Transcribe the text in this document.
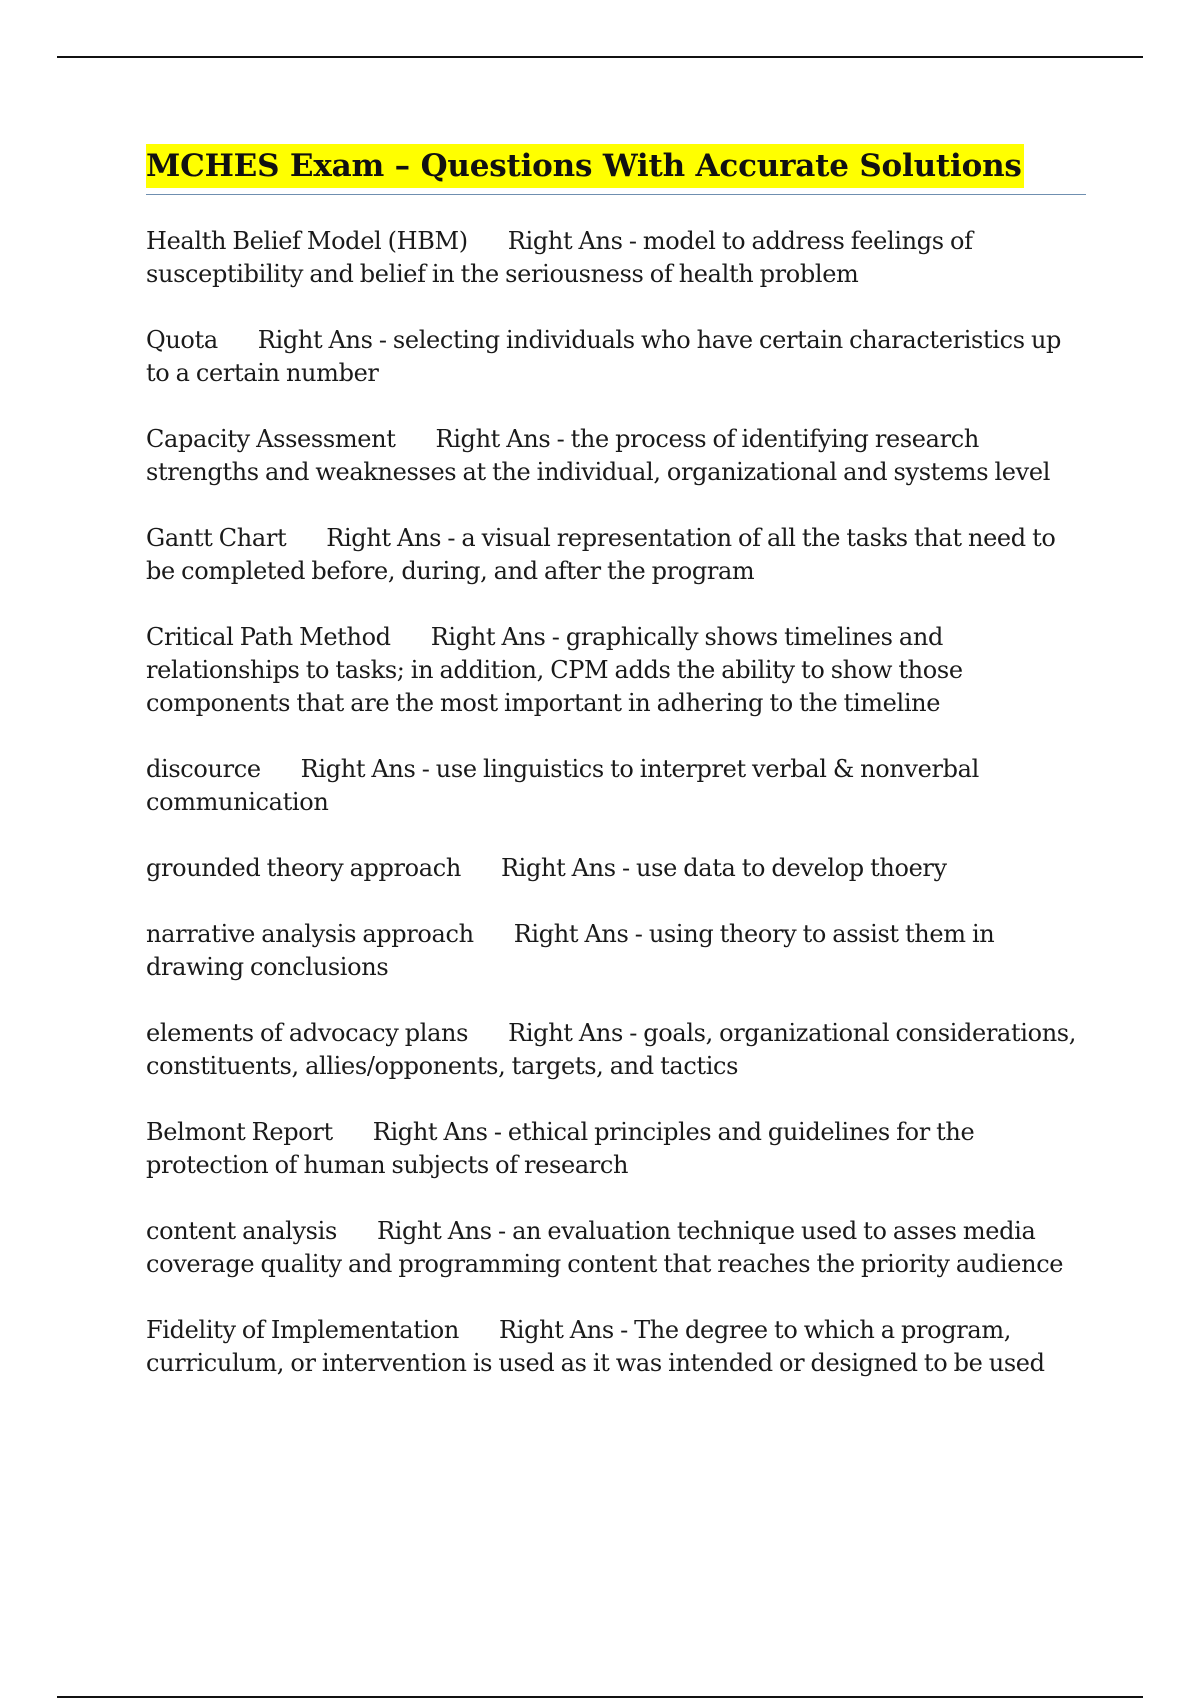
MCHES Exam – Questions With Accurate Solutions

Health Belief Model (HBM) Right Ans - model to address feelings of susceptibility and belief in the seriousness of health problem

Quota Right Ans - selecting individuals who have certain characteristics up to a certain number

Capacity Assessment Right Ans - the process of identifying research strengths and weaknesses at the individual, organizational and systems level

Gantt Chart Right Ans - a visual representation of all the tasks that need to be completed before, during, and after the program

Critical Path Method Right Ans - graphically shows timelines and relationships to tasks; in addition, CPM adds the ability to show those components that are the most important in adhering to the timeline

discource Right Ans - use linguistics to interpret verbal & nonverbal communication

grounded theory approach Right Ans - use data to develop thoery

narrative analysis approach Right Ans - using theory to assist them in drawing conclusions

elements of advocacy plans Right Ans - goals, organizational considerations, constituents, allies/opponents, targets, and tactics

Belmont Report Right Ans - ethical principles and guidelines for the protection of human subjects of research

content analysis Right Ans - an evaluation technique used to asses media coverage quality and programming content that reaches the priority audience

Fidelity of Implementation Right Ans - The degree to which a program, curriculum, or intervention is used as it was intended or designed to be used
